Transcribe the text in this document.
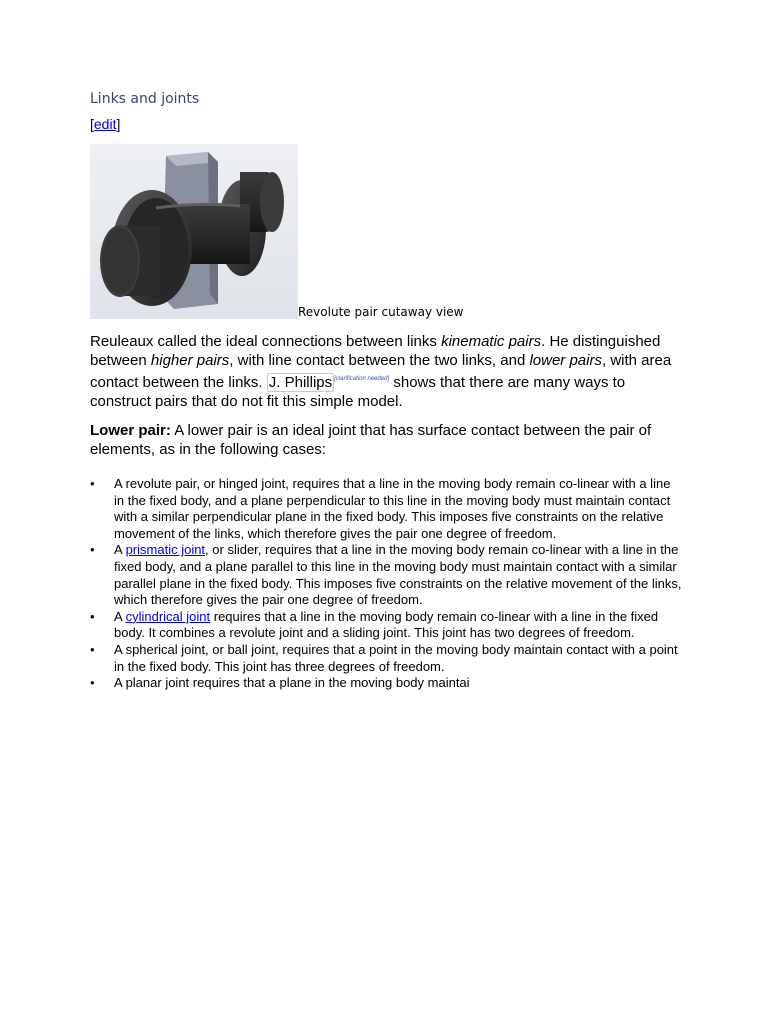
Links and joints
[edit]
Revolute pair cutaway view

Reuleaux called the ideal connections between links kinematic pairs. He distinguished between higher pairs, with line contact between the two links, and lower pairs, with area contact between the links. J. Phillips [clarification needed] shows that there are many ways to construct pairs that do not fit this simple model.

Lower pair: A lower pair is an ideal joint that has surface contact between the pair of elements, as in the following cases:

• A revolute pair, or hinged joint, requires that a line in the moving body remain co-linear with a line in the fixed body, and a plane perpendicular to this line in the moving body must maintain contact with a similar perpendicular plane in the fixed body. This imposes five constraints on the relative movement of the links, which therefore gives the pair one degree of freedom.
• A prismatic joint, or slider, requires that a line in the moving body remain co-linear with a line in the fixed body, and a plane parallel to this line in the moving body must maintain contact with a similar parallel plane in the fixed body. This imposes five constraints on the relative movement of the links, which therefore gives the pair one degree of freedom.
• A cylindrical joint requires that a line in the moving body remain co-linear with a line in the fixed body. It combines a revolute joint and a sliding joint. This joint has two degrees of freedom.
• A spherical joint, or ball joint, requires that a point in the moving body maintain contact with a point in the fixed body. This joint has three degrees of freedom.
• A planar joint requires that a plane in the moving body maintai
